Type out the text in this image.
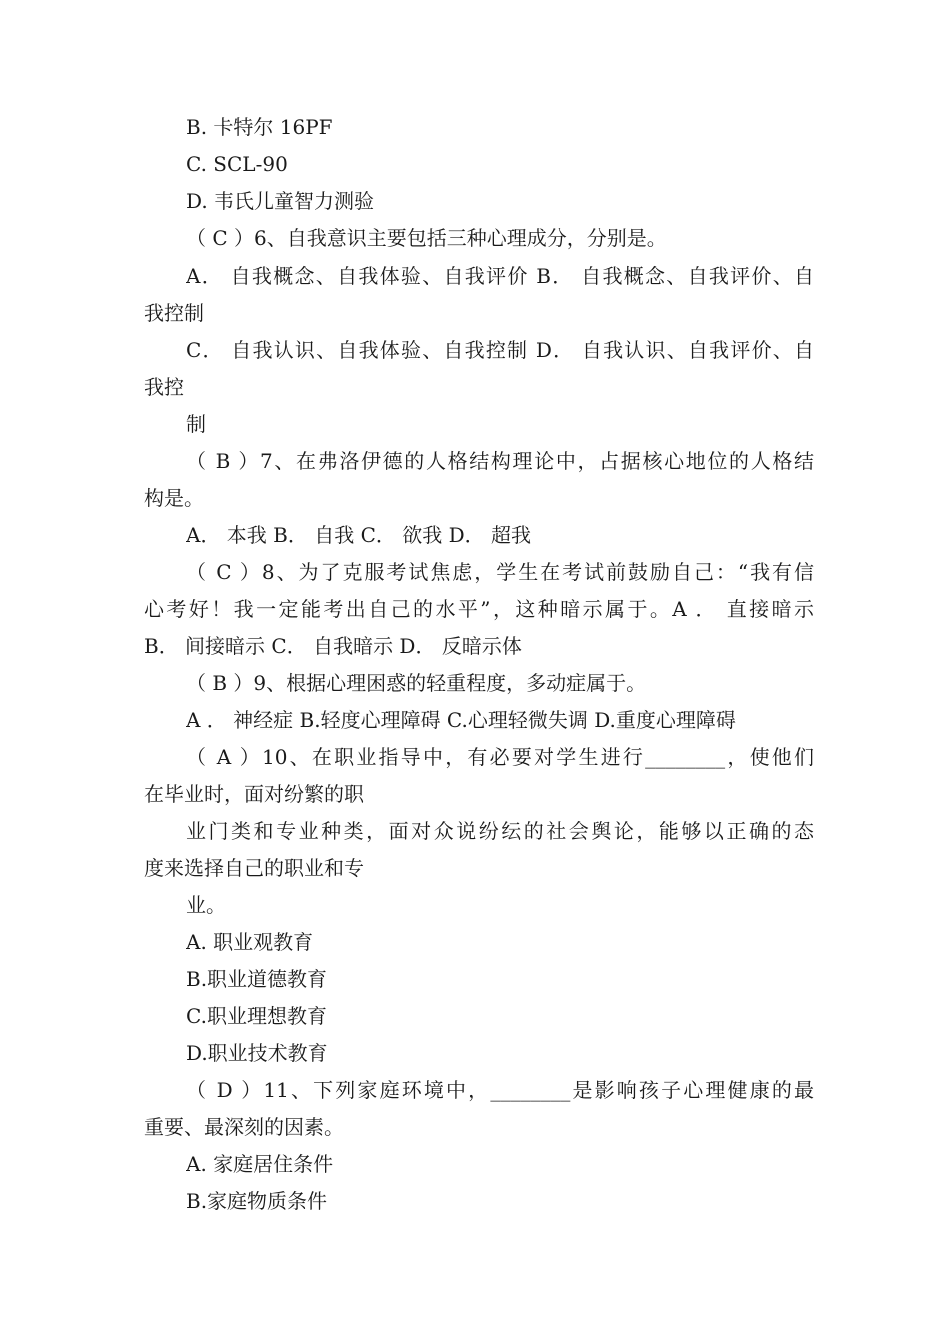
B. 卡特尔 16PF
C. SCL-90
D. 韦氏儿童智力测验
（ C ）6、自我意识主要包括三种心理成分，分别是。
A． 自我概念、自我体验、自我评价 B． 自我概念、自我评价、自
我控制
C． 自我认识、自我体验、自我控制 D． 自我认识、自我评价、自
我控
制
（ B ）7、在弗洛伊德的人格结构理论中，占据核心地位的人格结
构是。
A． 本我 B． 自我 C． 欲我 D． 超我
（ C ）8、为了克服考试焦虑，学生在考试前鼓励自己：“我有信
心考好！我一定能考出自己的水平”，这种暗示属于。A ． 直接暗示
B． 间接暗示 C． 自我暗示 D． 反暗示体
（ B ）9、根据心理困惑的轻重程度，多动症属于。
A ． 神经症 B.轻度心理障碍 C.心理轻微失调 D.重度心理障碍
（ A ）10、在职业指导中，有必要对学生进行________，使他们
在毕业时，面对纷繁的职
业门类和专业种类，面对众说纷纭的社会舆论，能够以正确的态
度来选择自己的职业和专
业。
A. 职业观教育
B.职业道德教育
C.职业理想教育
D.职业技术教育
（ D ）11、下列家庭环境中，________是影响孩子心理健康的最
重要、最深刻的因素。
A. 家庭居住条件
B.家庭物质条件
